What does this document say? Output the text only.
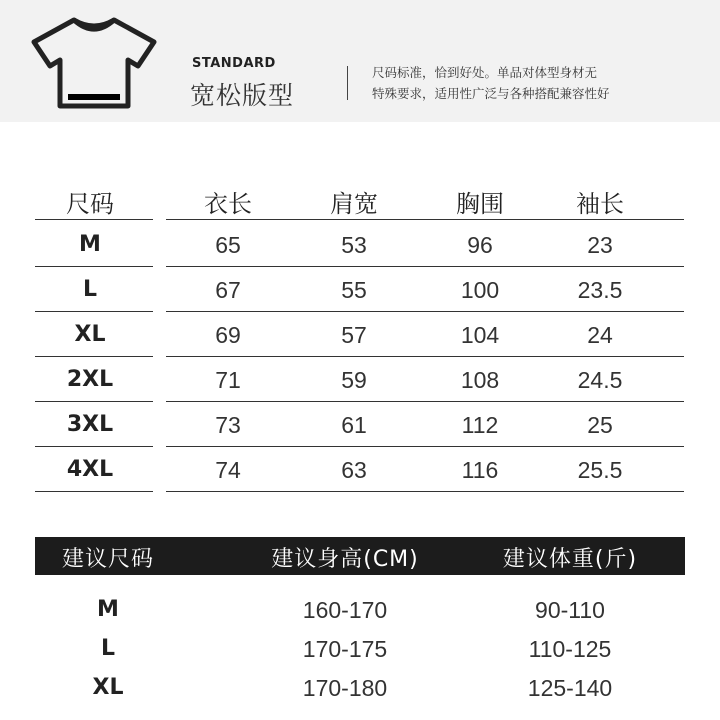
STANDARD
宽松版型
尺码标准，恰到好处。单品对体型身材无
特殊要求，适用性广泛与各种搭配兼容性好
尺码	衣长	肩宽	胸围	袖长
M	65	53	96	23
L	67	55	100	23.5
XL	69	57	104	24
2XL	71	59	108	24.5
3XL	73	61	112	25
4XL	74	63	116	25.5
建议尺码	建议身高(CM)	建议体重(斤)
M	160-170	90-110
L	170-175	110-125
XL	170-180	125-140
